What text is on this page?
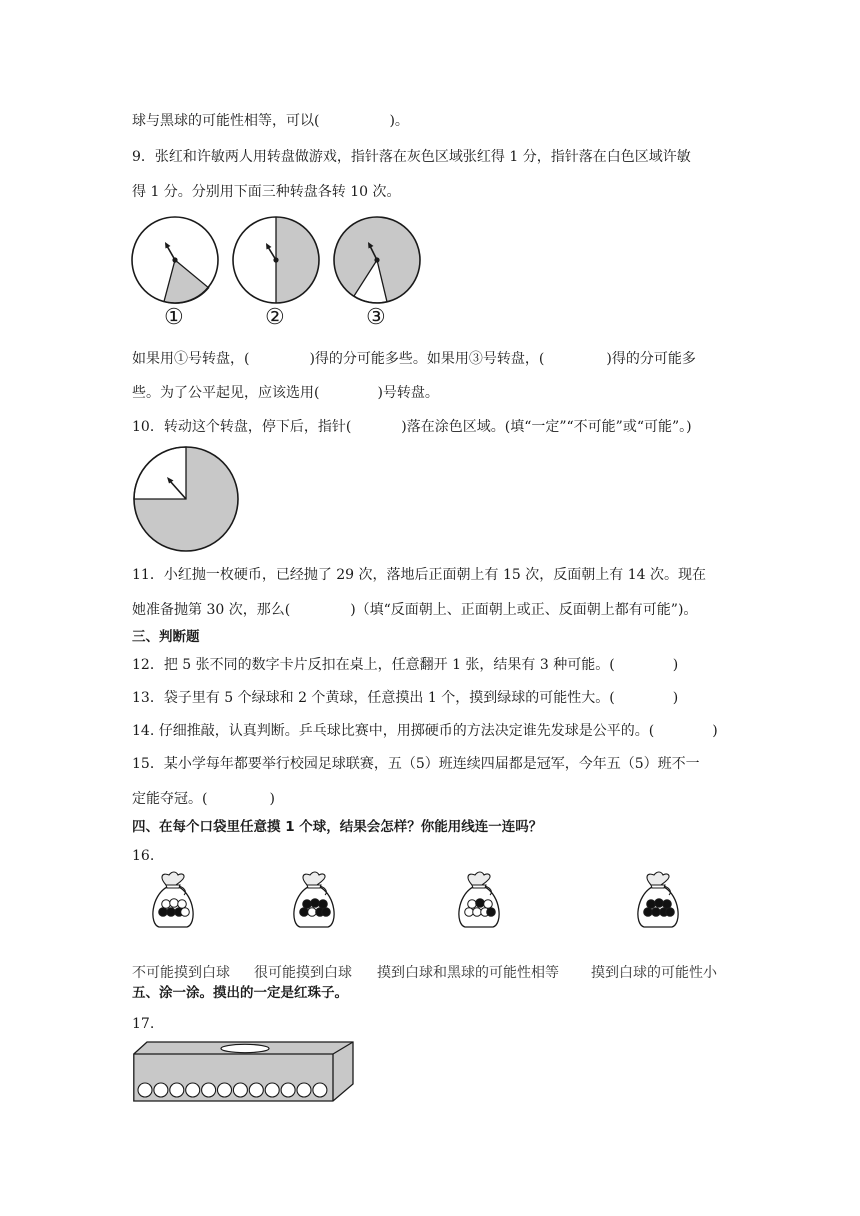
球与黑球的可能性相等，可以(	)。
9．张红和许敏两人用转盘做游戏，指针落在灰色区域张红得 1 分，指针落在白色区域许敏
得 1 分。分别用下面三种转盘各转 10 次。
①	②	③
如果用①号转盘，(	)得的分可能多些。如果用③号转盘，(	)得的分可能多
些。为了公平起见，应该选用(	)号转盘。
10．转动这个转盘，停下后，指针(	)落在涂色区域。(填“一定”“不可能”或“可能”。)
11．小红抛一枚硬币，已经抛了 29 次，落地后正面朝上有 15 次，反面朝上有 14 次。现在
她准备抛第 30 次，那么(	)（填“反面朝上、正面朝上或正、反面朝上都有可能”)。
三、判断题
12．把 5 张不同的数字卡片反扣在桌上，任意翻开 1 张，结果有 3 种可能。(	)
13．袋子里有 5 个绿球和 2 个黄球，任意摸出 1 个，摸到绿球的可能性大。(	)
14. 仔细推敲，认真判断。乒乓球比赛中，用掷硬币的方法决定谁先发球是公平的。(	)
15．某小学每年都要举行校园足球联赛，五（5）班连续四届都是冠军，今年五（5）班不一
定能夺冠。(	)
四、在每个口袋里任意摸 1 个球，结果会怎样？你能用线连一连吗？
16.
不可能摸到白球 很可能摸到白球 摸到白球和黑球的可能性相等 摸到白球的可能性小
五、涂一涂。摸出的一定是红珠子。
17.
